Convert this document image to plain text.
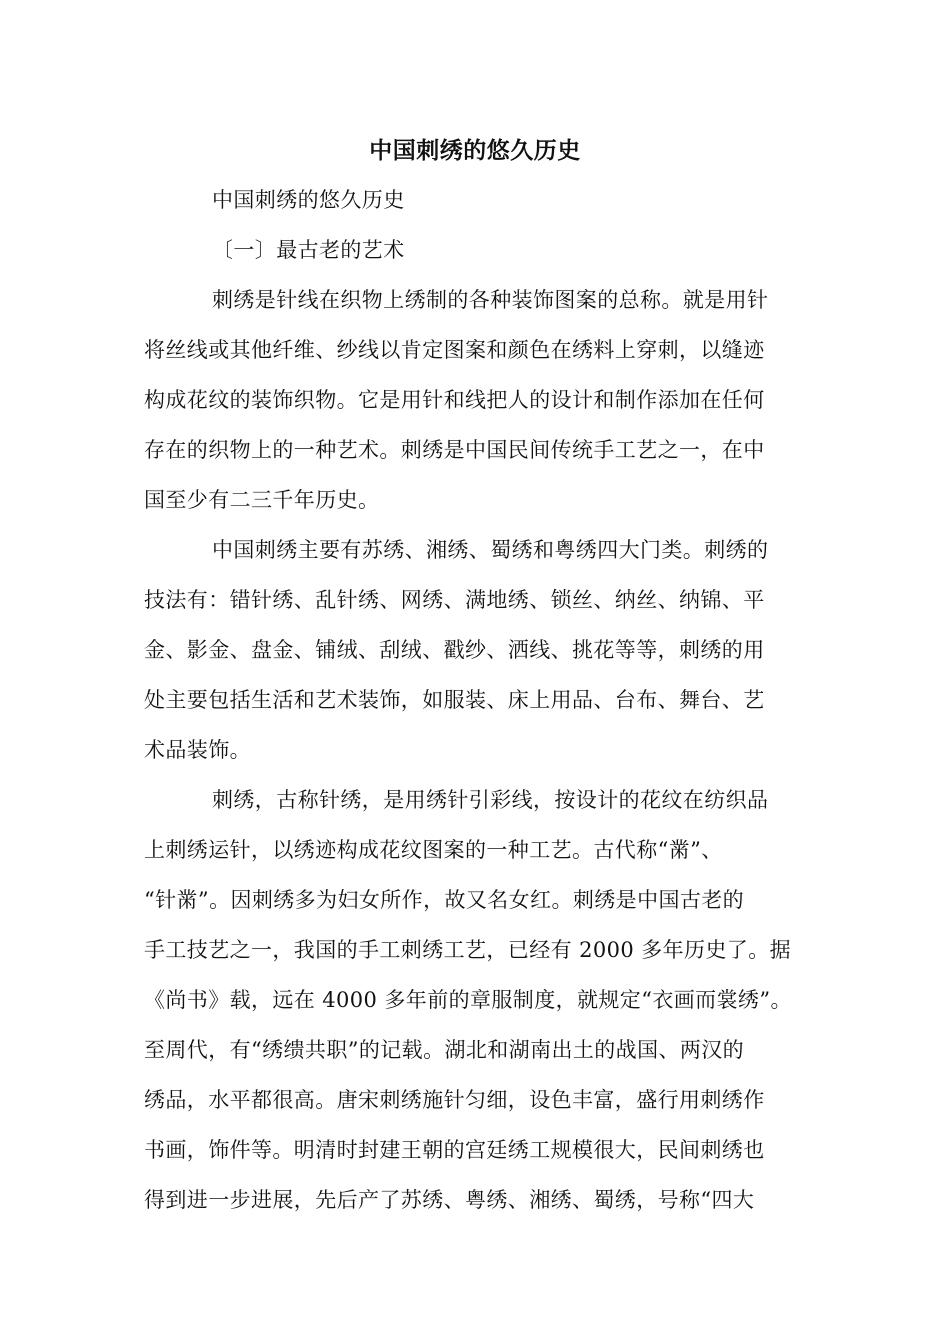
中国刺绣的悠久历史
中国刺绣的悠久历史
〔一〕最古老的艺术
刺绣是针线在织物上绣制的各种装饰图案的总称。就是用针
将丝线或其他纤维、纱线以肯定图案和颜色在绣料上穿刺，以缝迹
构成花纹的装饰织物。它是用针和线把人的设计和制作添加在任何
存在的织物上的一种艺术。刺绣是中国民间传统手工艺之一，在中
国至少有二三千年历史。
中国刺绣主要有苏绣、湘绣、蜀绣和粤绣四大门类。刺绣的
技法有：错针绣、乱针绣、网绣、满地绣、锁丝、纳丝、纳锦、平
金、影金、盘金、铺绒、刮绒、戳纱、洒线、挑花等等，刺绣的用
处主要包括生活和艺术装饰，如服装、床上用品、台布、舞台、艺
术品装饰。
刺绣，古称针绣，是用绣针引彩线，按设计的花纹在纺织品
上刺绣运针，以绣迹构成花纹图案的一种工艺。古代称“黹”、
“针黹”。因刺绣多为妇女所作，故又名女红。刺绣是中国古老的
手工技艺之一，我国的手工刺绣工艺，已经有 2000 多年历史了。据
《尚书》载，远在 4000 多年前的章服制度，就规定“衣画而裳绣”。
至周代，有“绣缋共职”的记载。湖北和湖南出土的战国、两汉的
绣品，水平都很高。唐宋刺绣施针匀细，设色丰富，盛行用刺绣作
书画，饰件等。明清时封建王朝的宫廷绣工规模很大，民间刺绣也
得到进一步进展，先后产了苏绣、粤绣、湘绣、蜀绣，号称“四大
